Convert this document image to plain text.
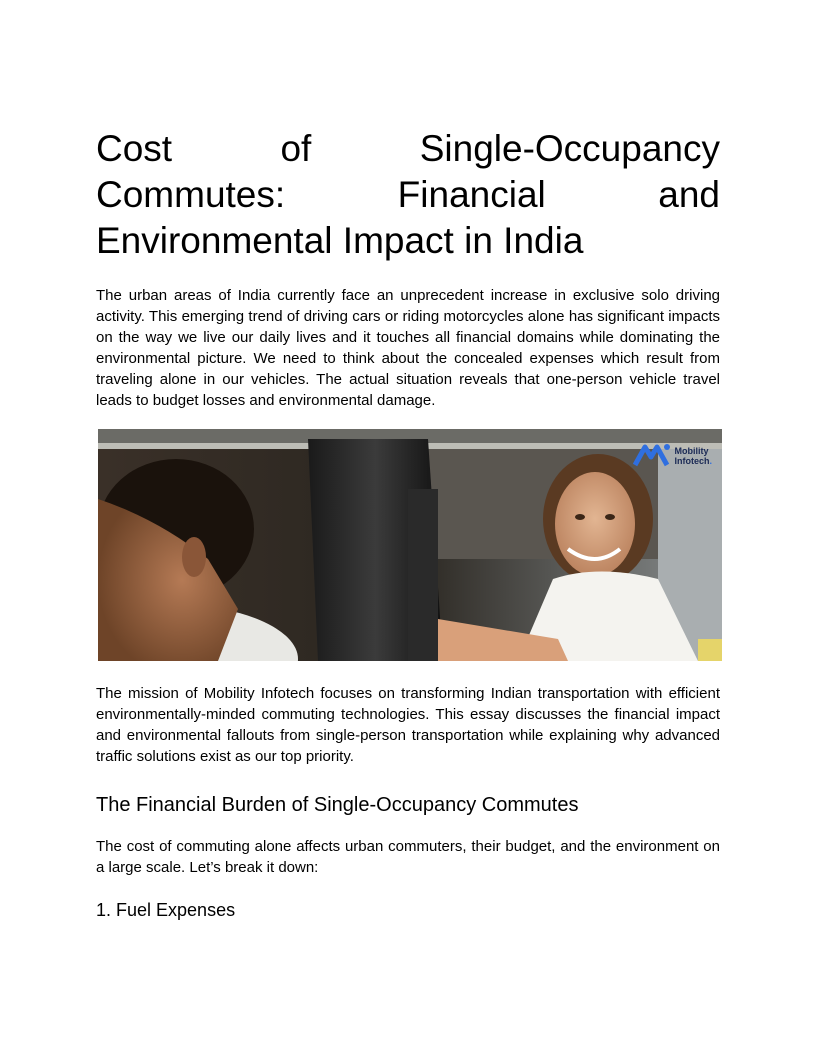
Cost of Single-Occupancy Commutes: Financial and Environmental Impact in India

The urban areas of India currently face an unprecedent increase in exclusive solo driving activity. This emerging trend of driving cars or riding motorcycles alone has significant impacts on the way we live our daily lives and it touches all financial domains while dominating the environmental picture. We need to think about the concealed expenses which result from traveling alone in our vehicles. The actual situation reveals that one-person vehicle travel leads to budget losses and environmental damage.

Mobility
Infotech.

The mission of Mobility Infotech focuses on transforming Indian transportation with efficient environmentally-minded commuting technologies. This essay discusses the financial impact and environmental fallouts from single-person transportation while explaining why advanced traffic solutions exist as our top priority.

The Financial Burden of Single-Occupancy Commutes

The cost of commuting alone affects urban commuters, their budget, and the environment on a large scale. Let’s break it down:

1. Fuel Expenses
